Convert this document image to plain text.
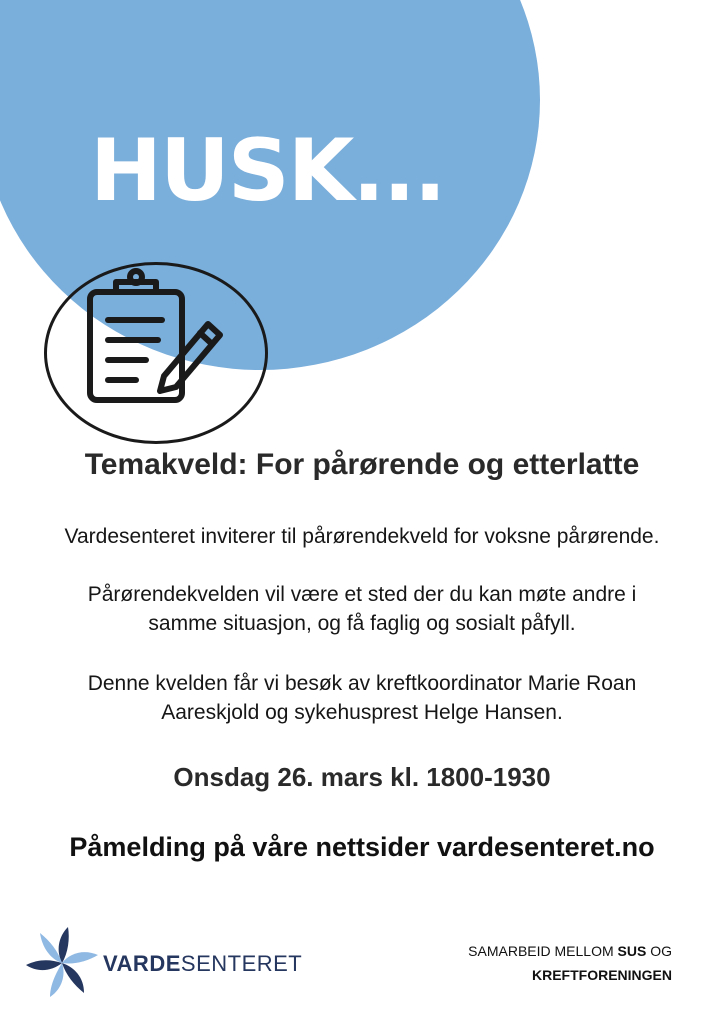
HUSK...
Temakveld: For pårørende og etterlatte

Vardesenteret inviterer til pårørendekveld for voksne pårørende.

Pårørendekvelden vil være et sted der du kan møte andre i
samme situasjon, og få faglig og sosialt påfyll.

Denne kvelden får vi besøk av kreftkoordinator Marie Roan
Aareskjold og sykehusprest Helge Hansen.

Onsdag 26. mars kl. 1800-1930

Påmelding på våre nettsider vardesenteret.no

VARDESENTERET	SAMARBEID MELLOM SUS OG
KREFTFORENINGEN
